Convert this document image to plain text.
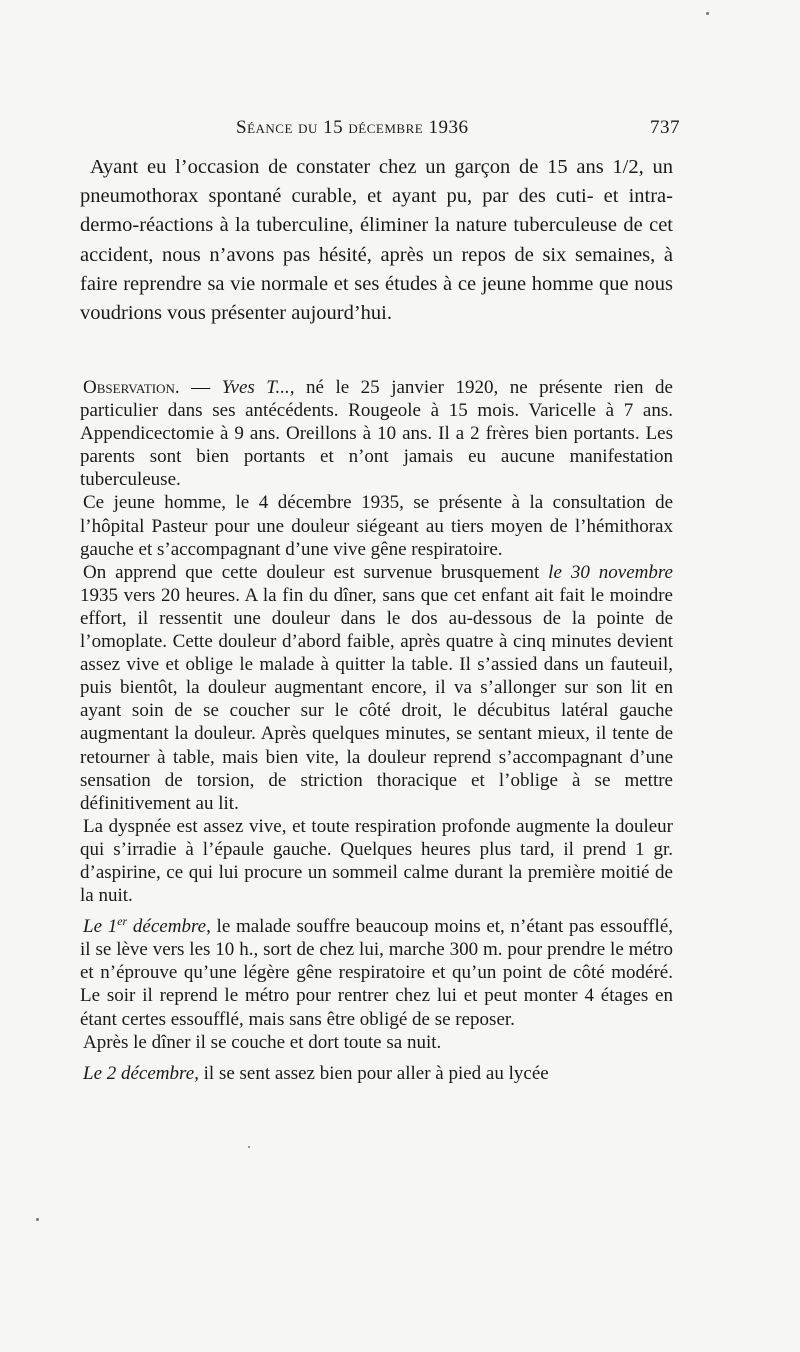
Séance du 15 décembre 1936	737

Ayant eu l’occasion de constater chez un garçon de 15 ans 1/2, un pneumothorax spontané curable, et ayant pu, par des cuti- et intra-dermo-réactions à la tuberculine, éliminer la nature tuberculeuse de cet accident, nous n’avons pas hésité, après un repos de six semaines, à faire reprendre sa vie normale et ses études à ce jeune homme que nous voudrions vous présenter aujourd’hui.

Observation. — Yves T..., né le 25 janvier 1920, ne présente rien de particulier dans ses antécédents. Rougeole à 15 mois. Varicelle à 7 ans. Appendicectomie à 9 ans. Oreillons à 10 ans. Il a 2 frères bien portants. Les parents sont bien portants et n’ont jamais eu aucune manifestation tuberculeuse.

Ce jeune homme, le 4 décembre 1935, se présente à la consultation de l’hôpital Pasteur pour une douleur siégeant au tiers moyen de l’hémithorax gauche et s’accompagnant d’une vive gêne respiratoire.

On apprend que cette douleur est survenue brusquement le 30 novembre 1935 vers 20 heures. A la fin du dîner, sans que cet enfant ait fait le moindre effort, il ressentit une douleur dans le dos au-dessous de la pointe de l’omoplate. Cette douleur d’abord faible, après quatre à cinq minutes devient assez vive et oblige le malade à quitter la table. Il s’assied dans un fauteuil, puis bientôt, la douleur augmentant encore, il va s’allonger sur son lit en ayant soin de se coucher sur le côté droit, le décubitus latéral gauche augmentant la douleur. Après quelques minutes, se sentant mieux, il tente de retourner à table, mais bien vite, la douleur reprend s’accompagnant d’une sensation de torsion, de striction thoracique et l’oblige à se mettre définitivement au lit.

La dyspnée est assez vive, et toute respiration profonde augmente la douleur qui s’irradie à l’épaule gauche. Quelques heures plus tard, il prend 1 gr. d’aspirine, ce qui lui procure un sommeil calme durant la première moitié de la nuit.

Le 1er décembre, le malade souffre beaucoup moins et, n’étant pas essoufflé, il se lève vers les 10 h., sort de chez lui, marche 300 m. pour prendre le métro et n’éprouve qu’une légère gêne respiratoire et qu’un point de côté modéré. Le soir il reprend le métro pour rentrer chez lui et peut monter 4 étages en étant certes essoufflé, mais sans être obligé de se reposer.

Après le dîner il se couche et dort toute sa nuit.

Le 2 décembre, il se sent assez bien pour aller à pied au lycée
